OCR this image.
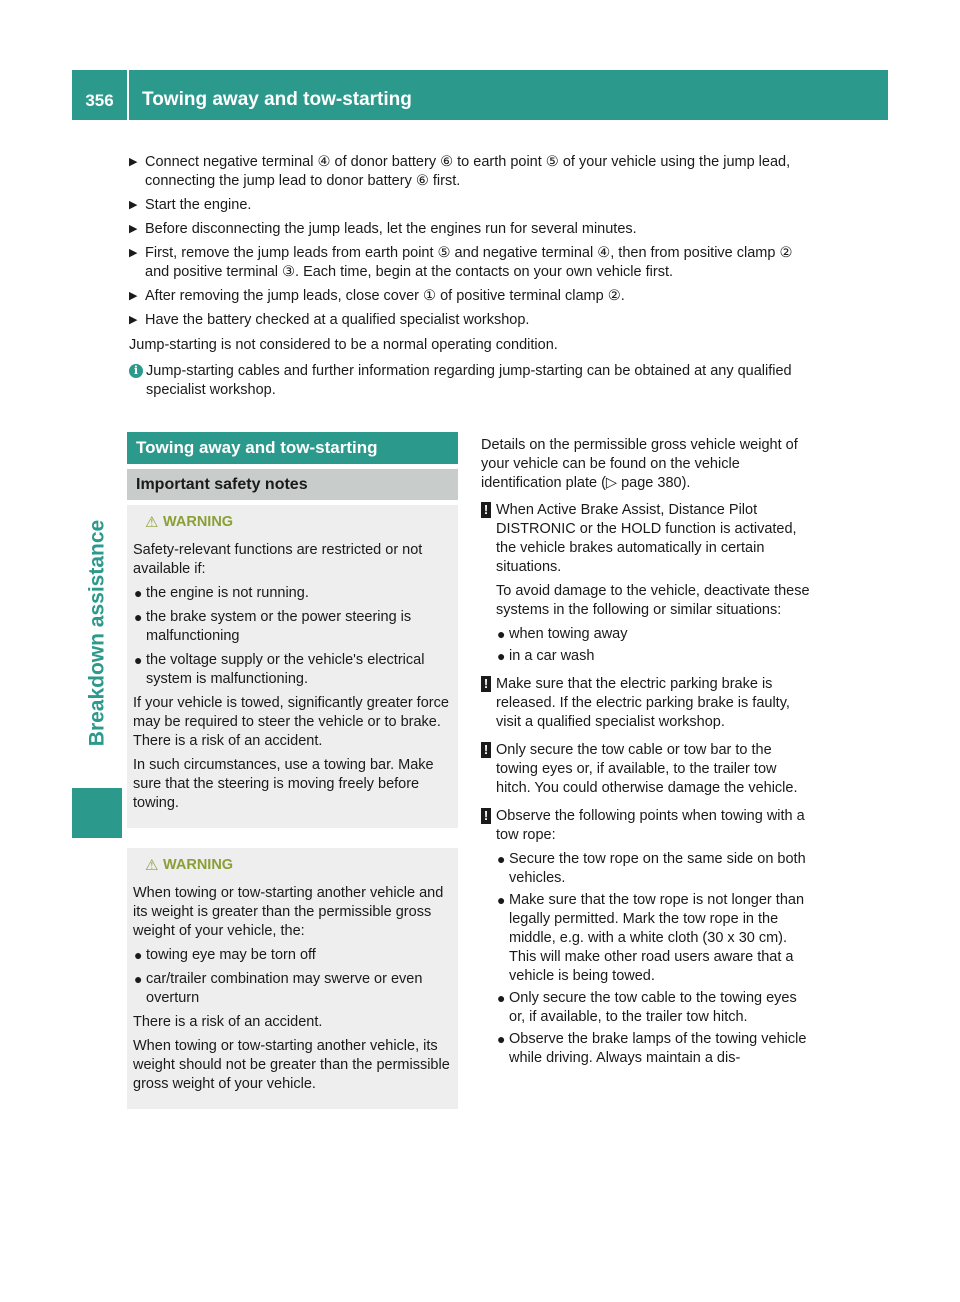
356	Towing away and tow-starting
Breakdown assistance
▶ Connect negative terminal ④ of donor battery ⑥ to earth point ⑤ of your vehicle using the jump lead, connecting the jump lead to donor battery ⑥ first.
▶ Start the engine.
▶ Before disconnecting the jump leads, let the engines run for several minutes.
▶ First, remove the jump leads from earth point ⑤ and negative terminal ④, then from positive clamp ② and positive terminal ③. Each time, begin at the contacts on your own vehicle first.
▶ After removing the jump leads, close cover ① of positive terminal clamp ②.
▶ Have the battery checked at a qualified specialist workshop.
Jump-starting is not considered to be a normal operating condition.
i Jump-starting cables and further information regarding jump-starting can be obtained at any qualified specialist workshop.
Towing away and tow-starting
Important safety notes
⚠ WARNING
Safety-relevant functions are restricted or not available if:
● the engine is not running.
● the brake system or the power steering is malfunctioning
● the voltage supply or the vehicle's electrical system is malfunctioning.
If your vehicle is towed, significantly greater force may be required to steer the vehicle or to brake. There is a risk of an accident.
In such circumstances, use a towing bar. Make sure that the steering is moving freely before towing.
⚠ WARNING
When towing or tow-starting another vehicle and its weight is greater than the permissible gross weight of your vehicle, the:
● towing eye may be torn off
● car/trailer combination may swerve or even overturn
There is a risk of an accident.
When towing or tow-starting another vehicle, its weight should not be greater than the permissible gross weight of your vehicle.
Details on the permissible gross vehicle weight of your vehicle can be found on the vehicle identification plate (▷ page 380).
! When Active Brake Assist, Distance Pilot DISTRONIC or the HOLD function is activated, the vehicle brakes automatically in certain situations.
To avoid damage to the vehicle, deactivate these systems in the following or similar situations:
● when towing away
● in a car wash
! Make sure that the electric parking brake is released. If the electric parking brake is faulty, visit a qualified specialist workshop.
! Only secure the tow cable or tow bar to the towing eyes or, if available, to the trailer tow hitch. You could otherwise damage the vehicle.
! Observe the following points when towing with a tow rope:
● Secure the tow rope on the same side on both vehicles.
● Make sure that the tow rope is not longer than legally permitted. Mark the tow rope in the middle, e.g. with a white cloth (30 x 30 cm). This will make other road users aware that a vehicle is being towed.
● Only secure the tow cable to the towing eyes or, if available, to the trailer tow hitch.
● Observe the brake lamps of the towing vehicle while driving. Always maintain a dis-
